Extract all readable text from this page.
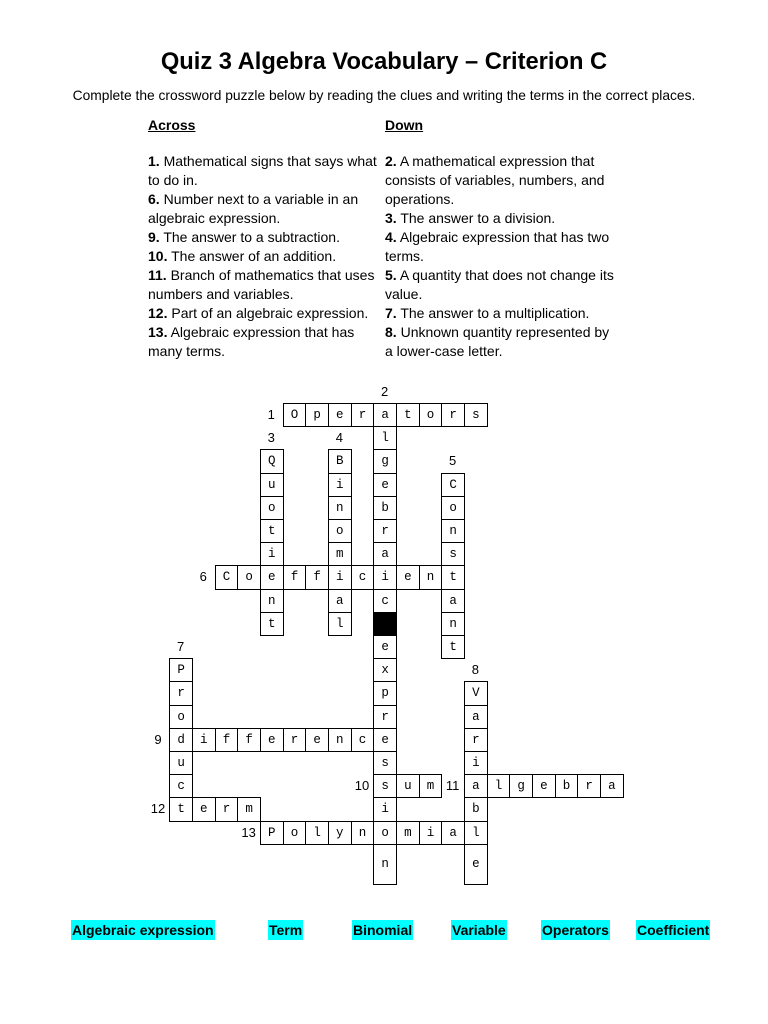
Quiz 3 Algebra Vocabulary – Criterion C
Complete the crossword puzzle below by reading the clues and writing the terms in the correct places.
Across
1. Mathematical signs that says what to do in.
6. Number next to a variable in an algebraic expression.
9. The answer to a subtraction.
10. The answer of an addition.
11. Branch of mathematics that uses numbers and variables.
12. Part of an algebraic expression.
13. Algebraic expression that has many terms.
Down
2. A mathematical expression that consists of variables, numbers, and operations.
3. The answer to a division.
4. Algebraic expression that has two terms.
5. A quantity that does not change its value.
7. The answer to a multiplication.
8. Unknown quantity represented by a lower-case letter.
O	p	e	r	a	t	o	r	s
C	o	e	f	f	i	c	i	e	n	t
d	i	f	f	e	r	e	n	c	e
s	u	m	a	l	g	e	b	r	a
t	e	r	m
P	o	l	y	n	o	m	i	a	l
l
g
e
b
r
a
c
e
x
p
r
s
i
n
Q
u
o
t
i
n
t
B
i
n
o
m
a
l
C
o
n
s
a
n
t
P
r
o
u
c
V
a
r
i
b
e
1
6
9
10	11
12
13
2
3	4
5
7
8
Algebraic expression	Term	Binomial	Variable	Operators Coefficient
